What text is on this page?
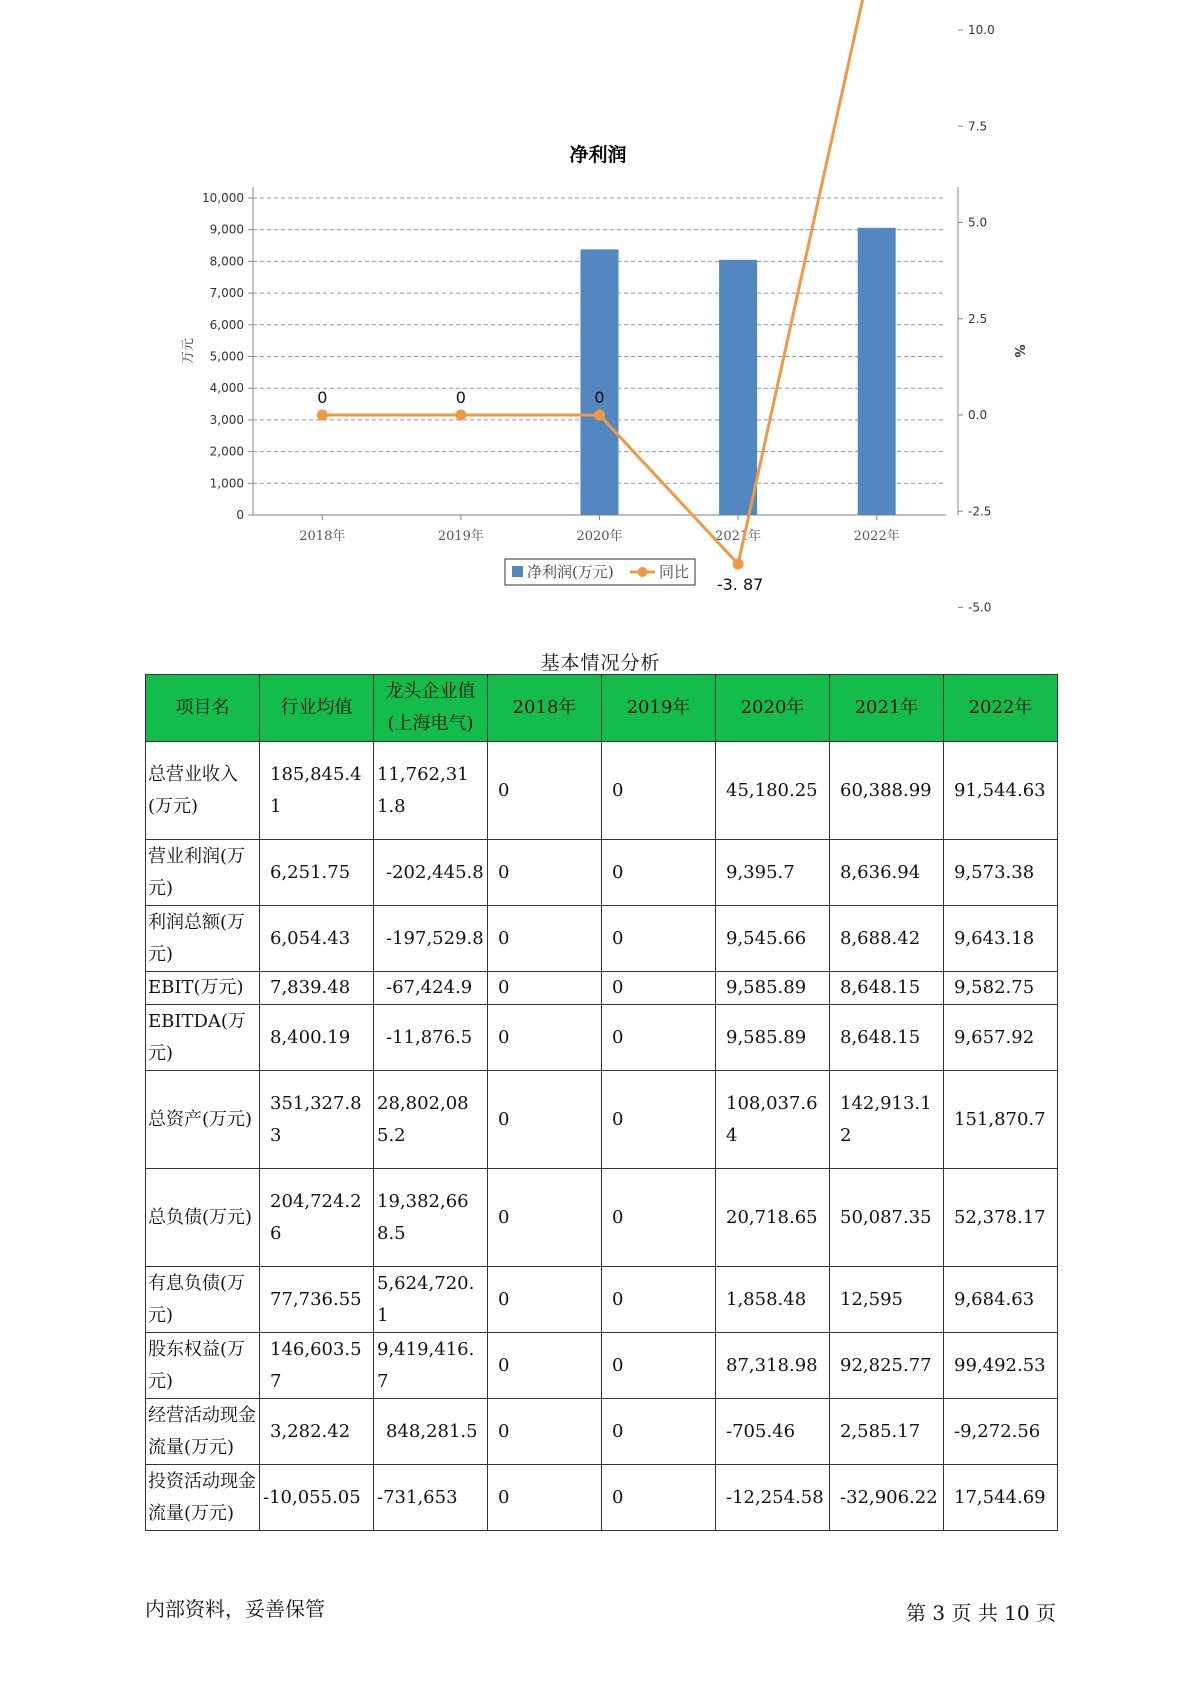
净利润
0
1,000
2,000
3,000
4,000
5,000
6,000
7,000
8,000
9,000
10,000
-5.0
-2.5
0.0
2.5
5.0
7.5
10.0
万元	%
2018年	2019年	2020年	2021年	2022年
0	0	0
-3. 87
净利润(万元)	同比
基本情况分析
项目名	行业均值	龙头企业值(上海电气)	2018年	2019年	2020年	2021年	2022年
总营业收入(万元)	185,845.41	11,762,311.8	0	0	45,180.25	60,388.99	91,544.63
营业利润(万元)	6,251.75	-202,445.8	0	0	9,395.7	8,636.94	9,573.38
利润总额(万元)	6,054.43	-197,529.8	0	0	9,545.66	8,688.42	9,643.18
EBIT(万元)	7,839.48	-67,424.9	0	0	9,585.89	8,648.15	9,582.75
EBITDA(万元)	8,400.19	-11,876.5	0	0	9,585.89	8,648.15	9,657.92
总资产(万元)	351,327.83	28,802,085.2	0	0	108,037.64	142,913.12	151,870.7
总负债(万元)	204,724.26	19,382,668.5	0	0	20,718.65	50,087.35	52,378.17
有息负债(万元)	77,736.55	5,624,720.1	0	0	1,858.48	12,595	9,684.63
股东权益(万元)	146,603.57	9,419,416.7	0	0	87,318.98	92,825.77	99,492.53
经营活动现金流量(万元)	3,282.42	848,281.5	0	0	-705.46	2,585.17	-9,272.56
投资活动现金流量(万元)	-10,055.05	-731,653	0	0	-12,254.58	-32,906.22	17,544.69
内部资料，妥善保管	第 3 页 共 10 页
